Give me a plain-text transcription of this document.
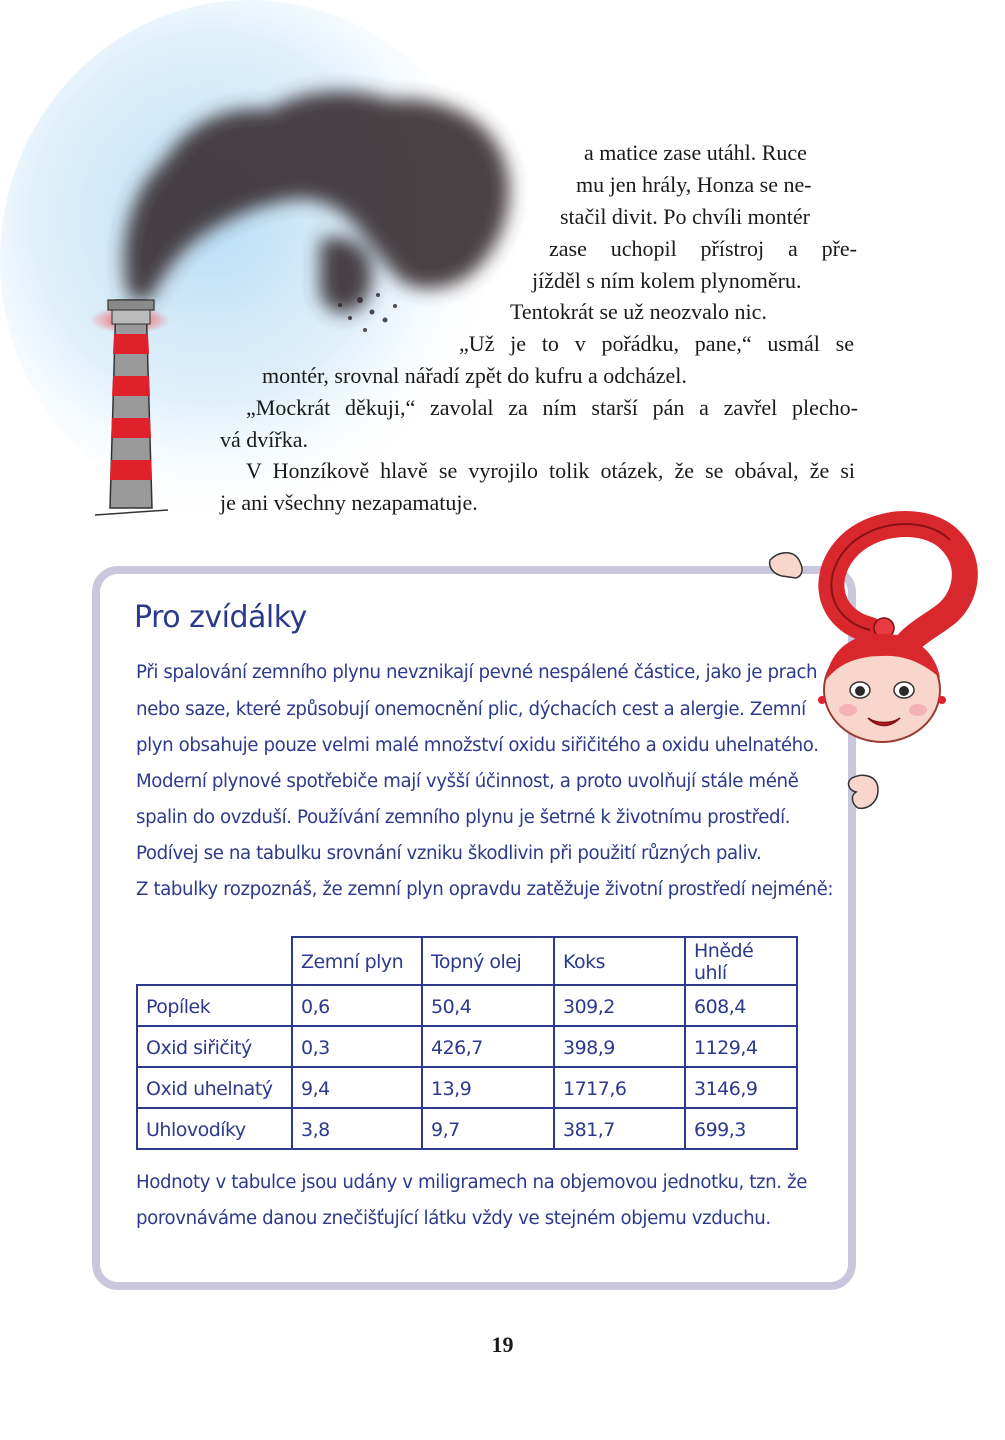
a matice zase utáhl. Ruce
mu jen hrály, Honza se ne-
stačil divit. Po chvíli montér
zase uchopil přístroj a pře-
jížděl s ním kolem plynoměru.
Tentokrát se už neozvalo nic.
„Už je to v pořádku, pane,“ usmál se
montér, srovnal nářadí zpět do kufru a odcházel.
„Mockrát děkuji,“ zavolal za ním starší pán a zavřel plecho-
vá dvířka.
V Honzíkově hlavě se vyrojilo tolik otázek, že se obával, že si
je ani všechny nezapamatuje.
Pro zvídálky
Při spalování zemního plynu nevznikají pevné nespálené částice, jako je prach
nebo saze, které způsobují onemocnění plic, dýchacích cest a alergie. Zemní
plyn obsahuje pouze velmi malé množství oxidu siřičitého a oxidu uhelnatého.
Moderní plynové spotřebiče mají vyšší účinnost, a proto uvolňují stále méně
spalin do ovzduší. Používání zemního plynu je šetrné k životnímu prostředí.
Podívej se na tabulku srovnání vzniku škodlivin při použití různých paliv.
Z tabulky rozpoznáš, že zemní plyn opravdu zatěžuje životní prostředí nejméně:
	Zemní plyn	Topný olej	Koks	Hnědé uhlí
Popílek	0,6	50,4	309,2	608,4
Oxid siřičitý	0,3	426,7	398,9	1129,4
Oxid uhelnatý	9,4	13,9	1717,6	3146,9
Uhlovodíky	3,8	9,7	381,7	699,3
Hodnoty v tabulce jsou udány v miligramech na objemovou jednotku, tzn. že
porovnáváme danou znečišťující látku vždy ve stejném objemu vzduchu.
19
